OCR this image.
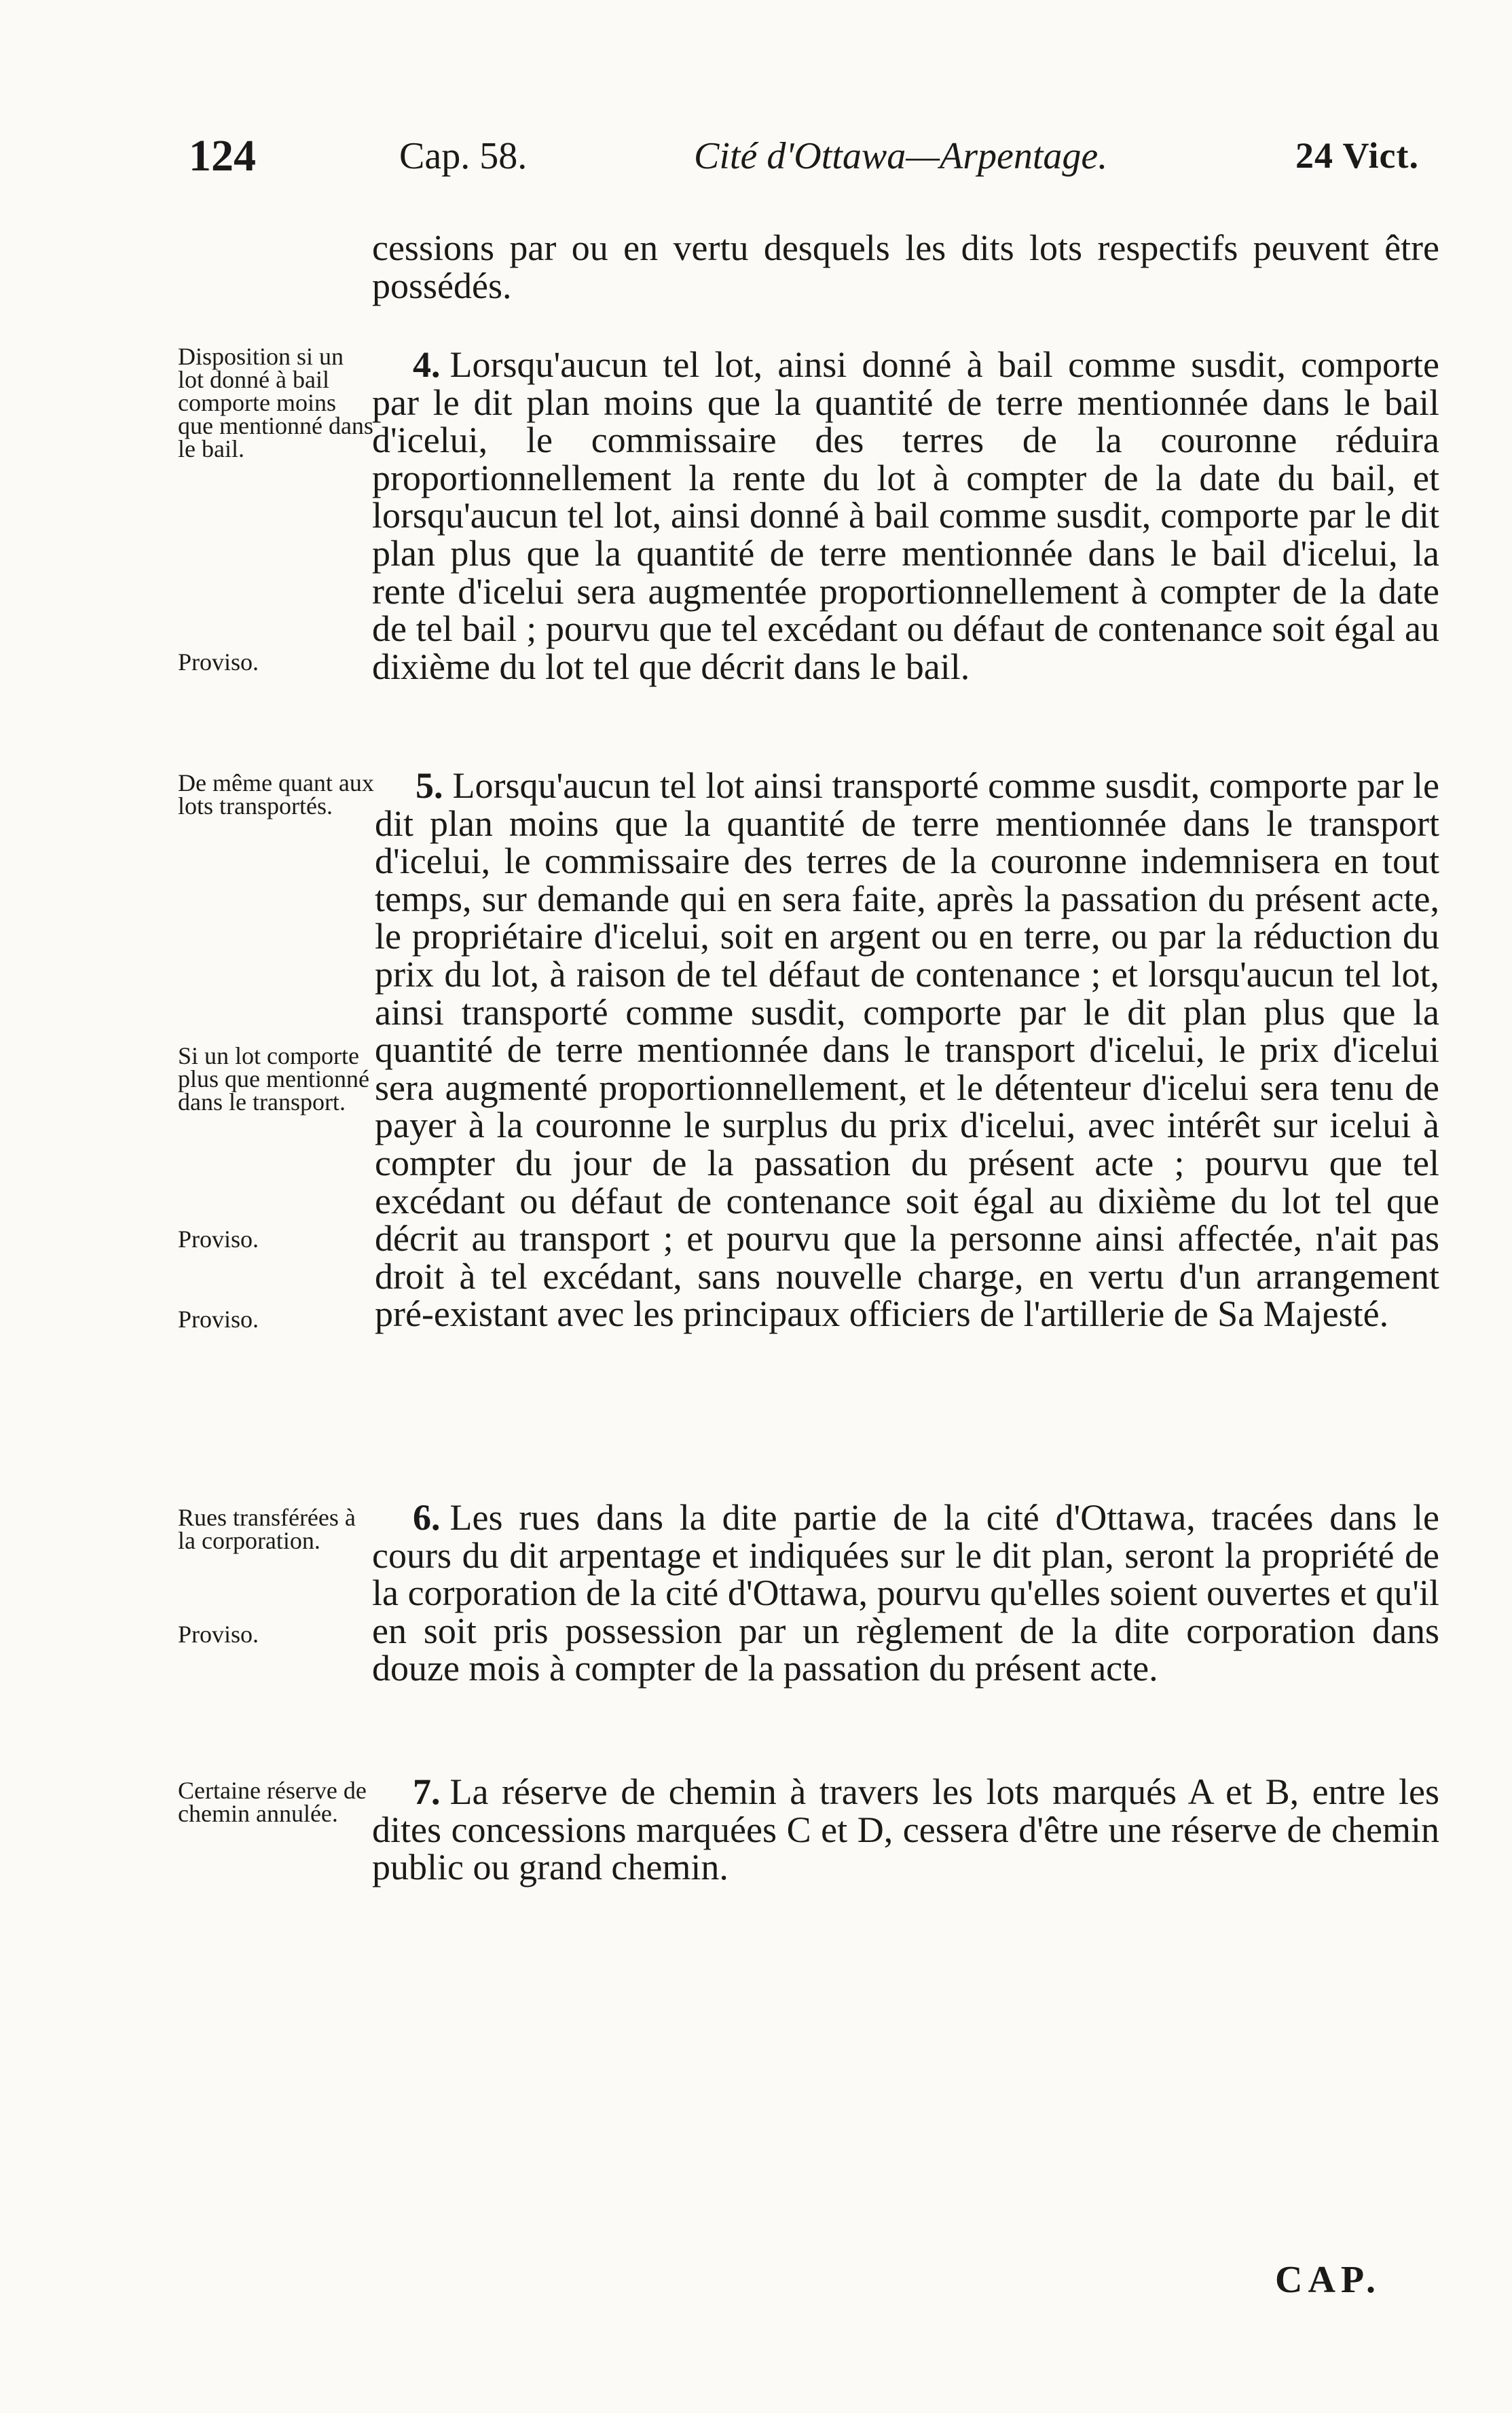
124	Cap. 58.	Cité d'Ottawa—Arpentage.	24 Vict.
cessions par ou en vertu desquels les dits lots respectifs peuvent être possédés.
Disposition si un lot donné à bail comporte moins que mentionné dans le bail.
Proviso.
4. Lorsqu'aucun tel lot, ainsi donné à bail comme susdit, comporte par le dit plan moins que la quantité de terre mentionnée dans le bail d'icelui, le commissaire des terres de la couronne réduira proportionnellement la rente du lot à compter de la date du bail, et lorsqu'aucun tel lot, ainsi donné à bail comme susdit, comporte par le dit plan plus que la quantité de terre mentionnée dans le bail d'icelui, la rente d'icelui sera augmentée proportionnellement à compter de la date de tel bail ; pourvu que tel excédant ou défaut de contenance soit égal au dixième du lot tel que décrit dans le bail.
De même quant aux lots transportés.
Si un lot comporte plus que mentionné dans le transport.
Proviso.
Proviso.
5. Lorsqu'aucun tel lot ainsi transporté comme susdit, comporte par le dit plan moins que la quantité de terre mentionnée dans le transport d'icelui, le commissaire des terres de la couronne indemnisera en tout temps, sur demande qui en sera faite, après la passation du présent acte, le propriétaire d'icelui, soit en argent ou en terre, ou par la réduction du prix du lot, à raison de tel défaut de contenance ; et lorsqu'aucun tel lot, ainsi transporté comme susdit, comporte par le dit plan plus que la quantité de terre mentionnée dans le transport d'icelui, le prix d'icelui sera augmenté proportionnellement, et le détenteur d'icelui sera tenu de payer à la couronne le surplus du prix d'icelui, avec intérêt sur icelui à compter du jour de la passation du présent acte ; pourvu que tel excédant ou défaut de contenance soit égal au dixième du lot tel que décrit au transport ; et pourvu que la personne ainsi affectée, n'ait pas droit à tel excédant, sans nouvelle charge, en vertu d'un arrangement pré-existant avec les principaux officiers de l'artillerie de Sa Majesté.
Rues transférées à la corporation.
Proviso.
6. Les rues dans la dite partie de la cité d'Ottawa, tracées dans le cours du dit arpentage et indiquées sur le dit plan, seront la propriété de la corporation de la cité d'Ottawa, pourvu qu'elles soient ouvertes et qu'il en soit pris possession par un règlement de la dite corporation dans douze mois à compter de la passation du présent acte.
Certaine réserve de chemin annulée.
7. La réserve de chemin à travers les lots marqués A et B, entre les dites concessions marquées C et D, cessera d'être une réserve de chemin public ou grand chemin.
CAP.
